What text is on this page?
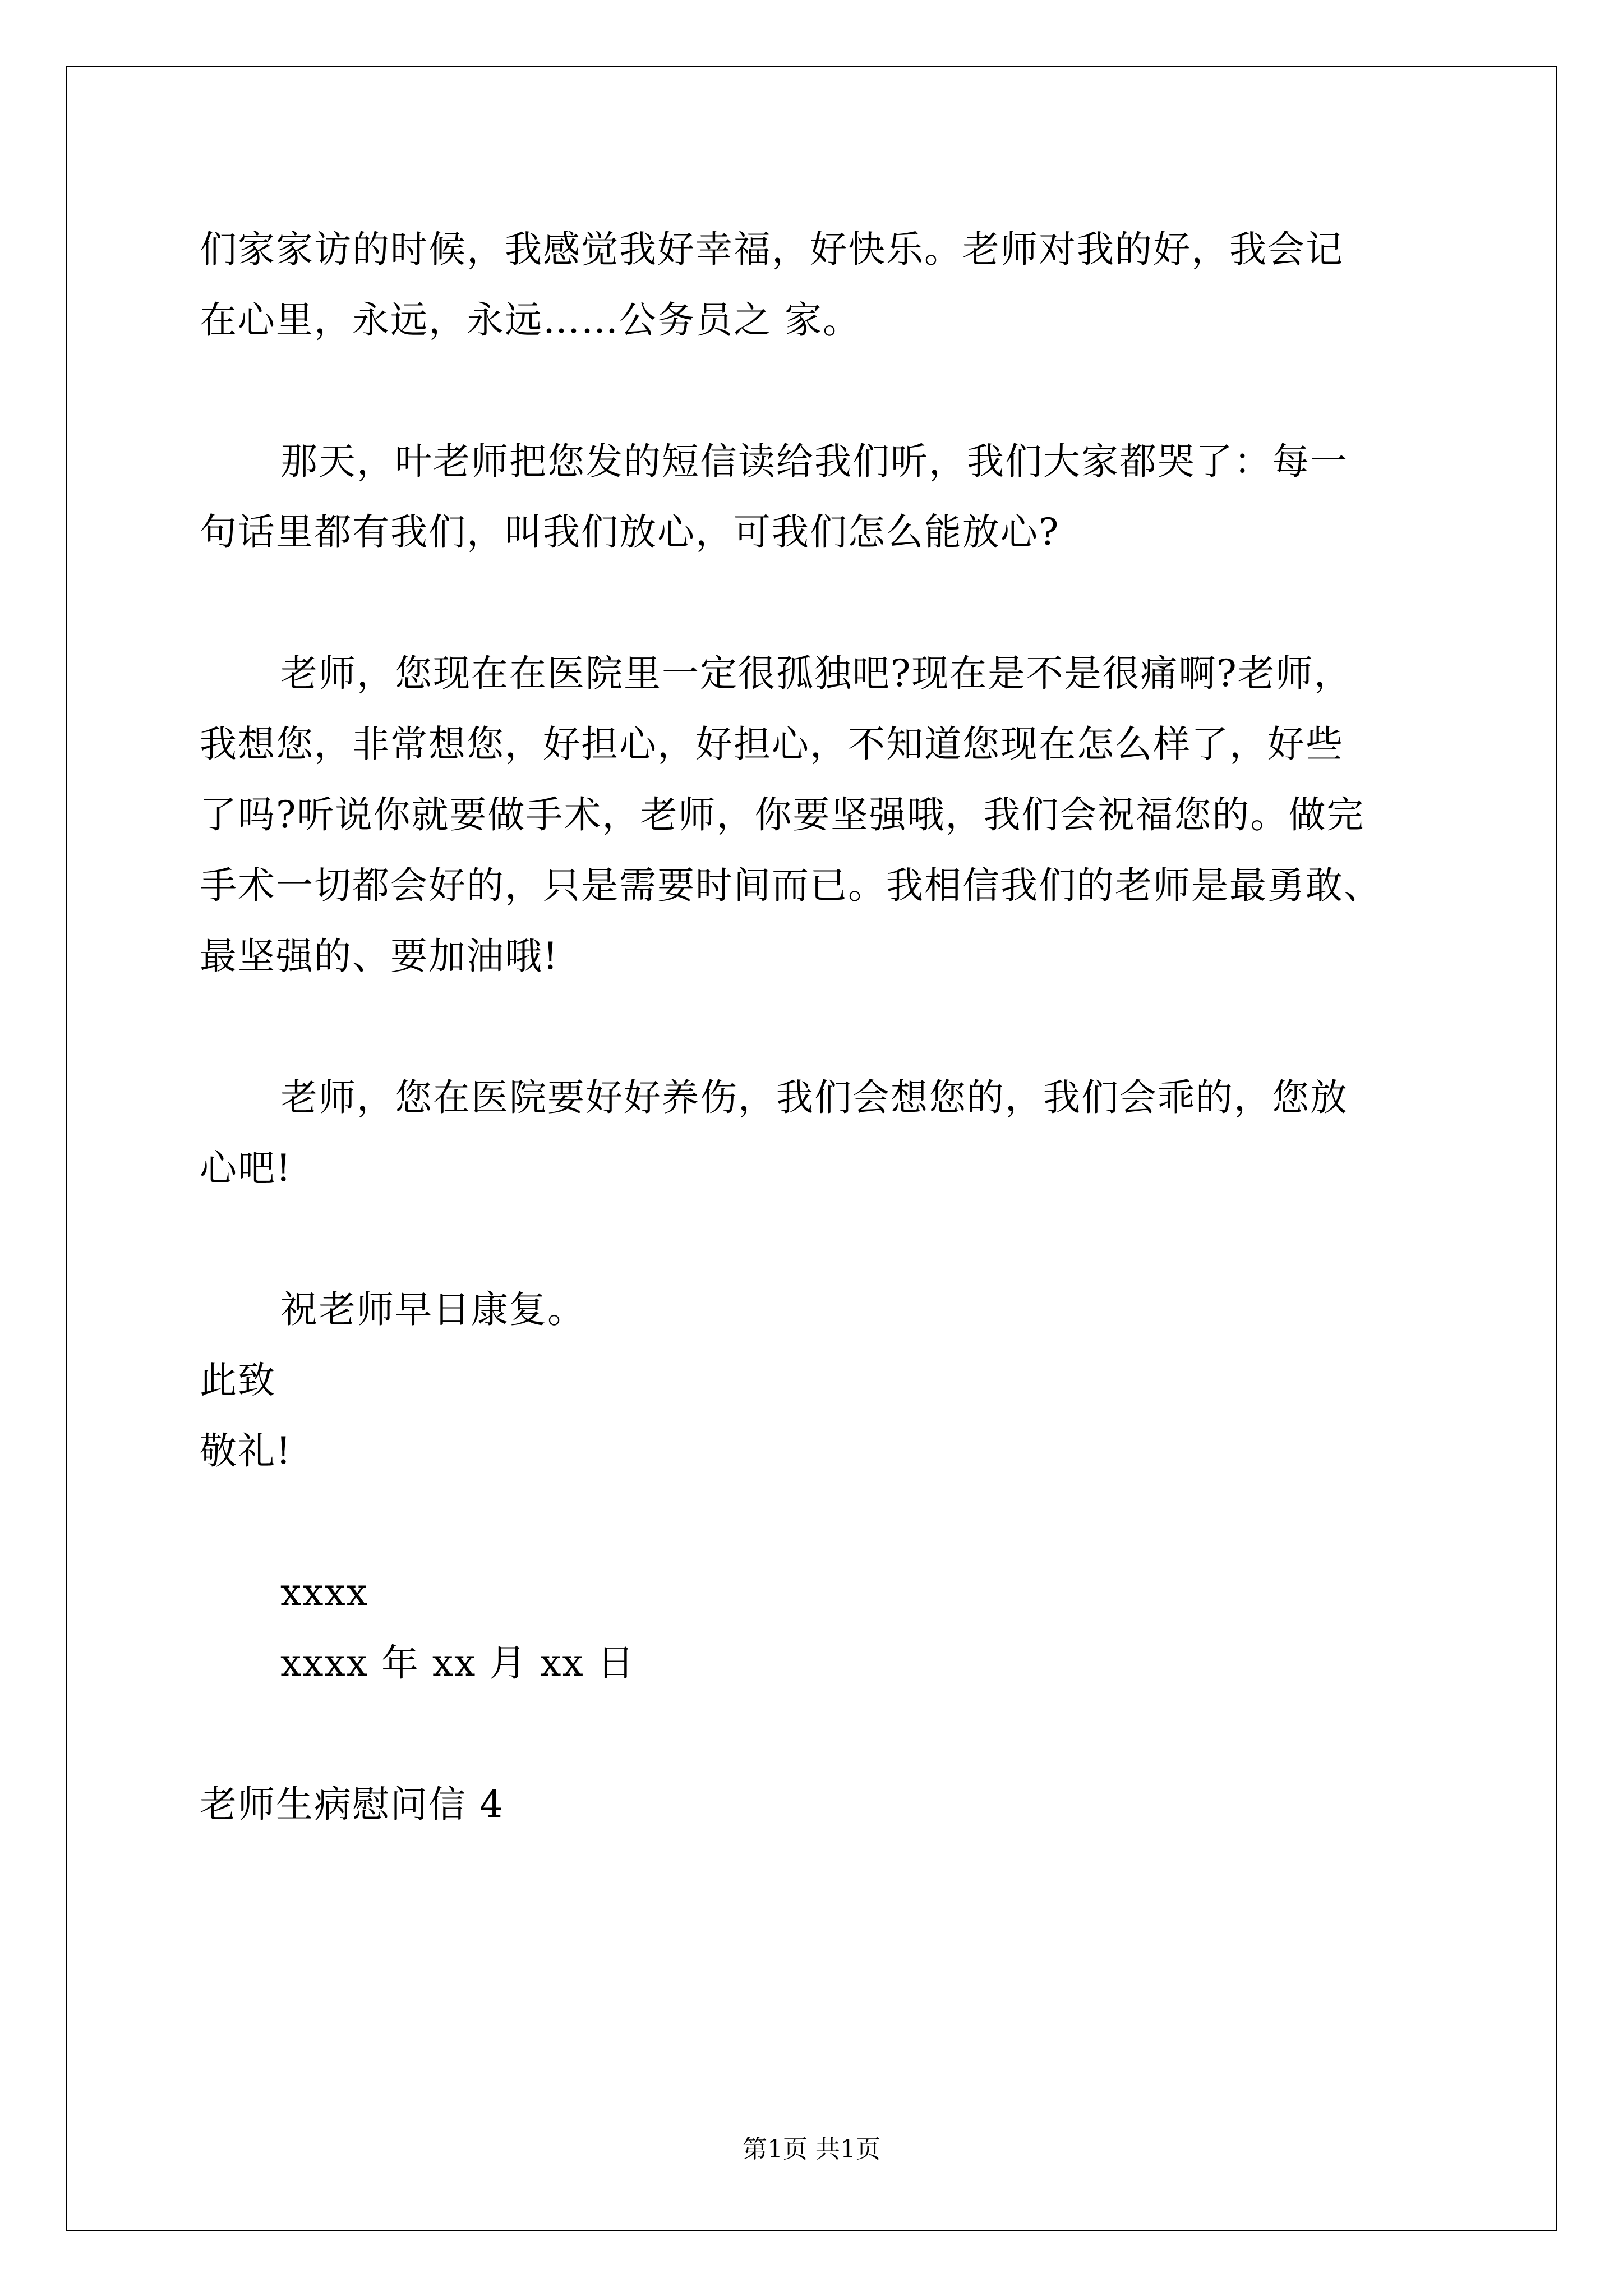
们家家访的时候，我感觉我好幸福，好快乐。老师对我的好，我会记
在心里，永远，永远……公务员之 家。
那天，叶老师把您发的短信读给我们听，我们大家都哭了：每一
句话里都有我们，叫我们放心，可我们怎么能放心?
老师，您现在在医院里一定很孤独吧?现在是不是很痛啊?老师，
我想您，非常想您，好担心，好担心，不知道您现在怎么样了，好些
了吗?听说你就要做手术，老师，你要坚强哦，我们会祝福您的。做完
手术一切都会好的，只是需要时间而已。我相信我们的老师是最勇敢、
最坚强的、要加油哦!
老师，您在医院要好好养伤，我们会想您的，我们会乖的，您放
心吧!
祝老师早日康复。
此致
敬礼!
xxxx
xxxx 年 xx 月 xx 日
老师生病慰问信 4
第1页 共1页
